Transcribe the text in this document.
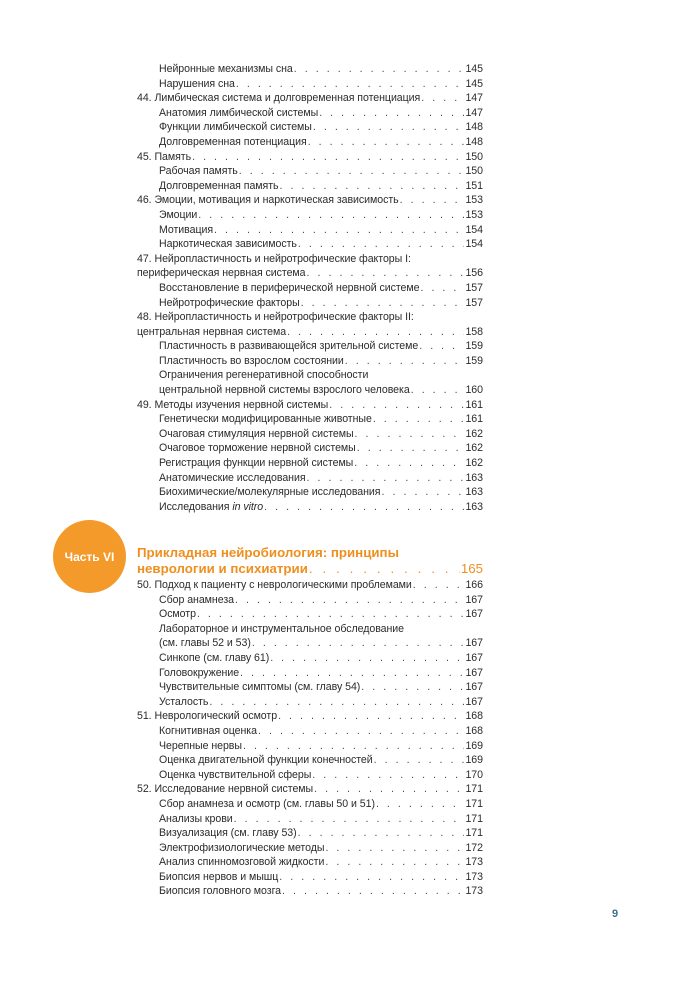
Нейронные механизмы сна . . .	145
Нарушения сна . . .	145
44. Лимбическая система и долговременная потенциация . . .	147
Анатомия лимбической системы . . .	147
Функции лимбической системы . . .	148
Долговременная потенциация . . .	148
45. Память . . .	150
Рабочая память . . .	150
Долговременная память . . .	151
46. Эмоции, мотивация и наркотическая зависимость . . .	153
Эмоции . . .	153
Мотивация . . .	154
Наркотическая зависимость . . .	154
47. Нейропластичность и нейротрофические факторы I:
периферическая нервная система . . .	156
Восстановление в периферической нервной системе . . .	157
Нейротрофические факторы . . .	157
48. Нейропластичность и нейротрофические факторы II:
центральная нервная система . . .	158
Пластичность в развивающейся зрительной системе . . .	159
Пластичность во взрослом состоянии . . .	159
Ограничения регенеративной способности
центральной нервной системы взрослого человека . . .	160
49. Методы изучения нервной системы . . .	161
Генетически модифицированные животные . . .	161
Очаговая стимуляция нервной системы . . .	162
Очаговое торможение нервной системы . . .	162
Регистрация функции нервной системы . . .	162
Анатомические исследования . . .	163
Биохимические/молекулярные исследования . . .	163
Исследования in vitro . . .	163
Часть VI Прикладная нейробиология: принципы
неврологии и психиатрии . . .	165
50. Подход к пациенту с неврологическими проблемами . . .	166
Сбор анамнеза . . .	167
Осмотр . . .	167
Лабораторное и инструментальное обследование
(см. главы 52 и 53) . . .	167
Синкопе (см. главу 61) . . .	167
Головокружение . . .	167
Чувствительные симптомы (см. главу 54) . . .	167
Усталость . . .	167
51. Неврологический осмотр . . .	168
Когнитивная оценка . . .	168
Черепные нервы . . .	169
Оценка двигательной функции конечностей . . .	169
Оценка чувствительной сферы . . .	170
52. Исследование нервной системы . . .	171
Сбор анамнеза и осмотр (см. главы 50 и 51) . . .	171
Анализы крови . . .	171
Визуализация (см. главу 53) . . .	171
Электрофизиологические методы . . .	172
Анализ спинномозговой жидкости . . .	173
Биопсия нервов и мышц . . .	173
Биопсия головного мозга . . .	173
9
